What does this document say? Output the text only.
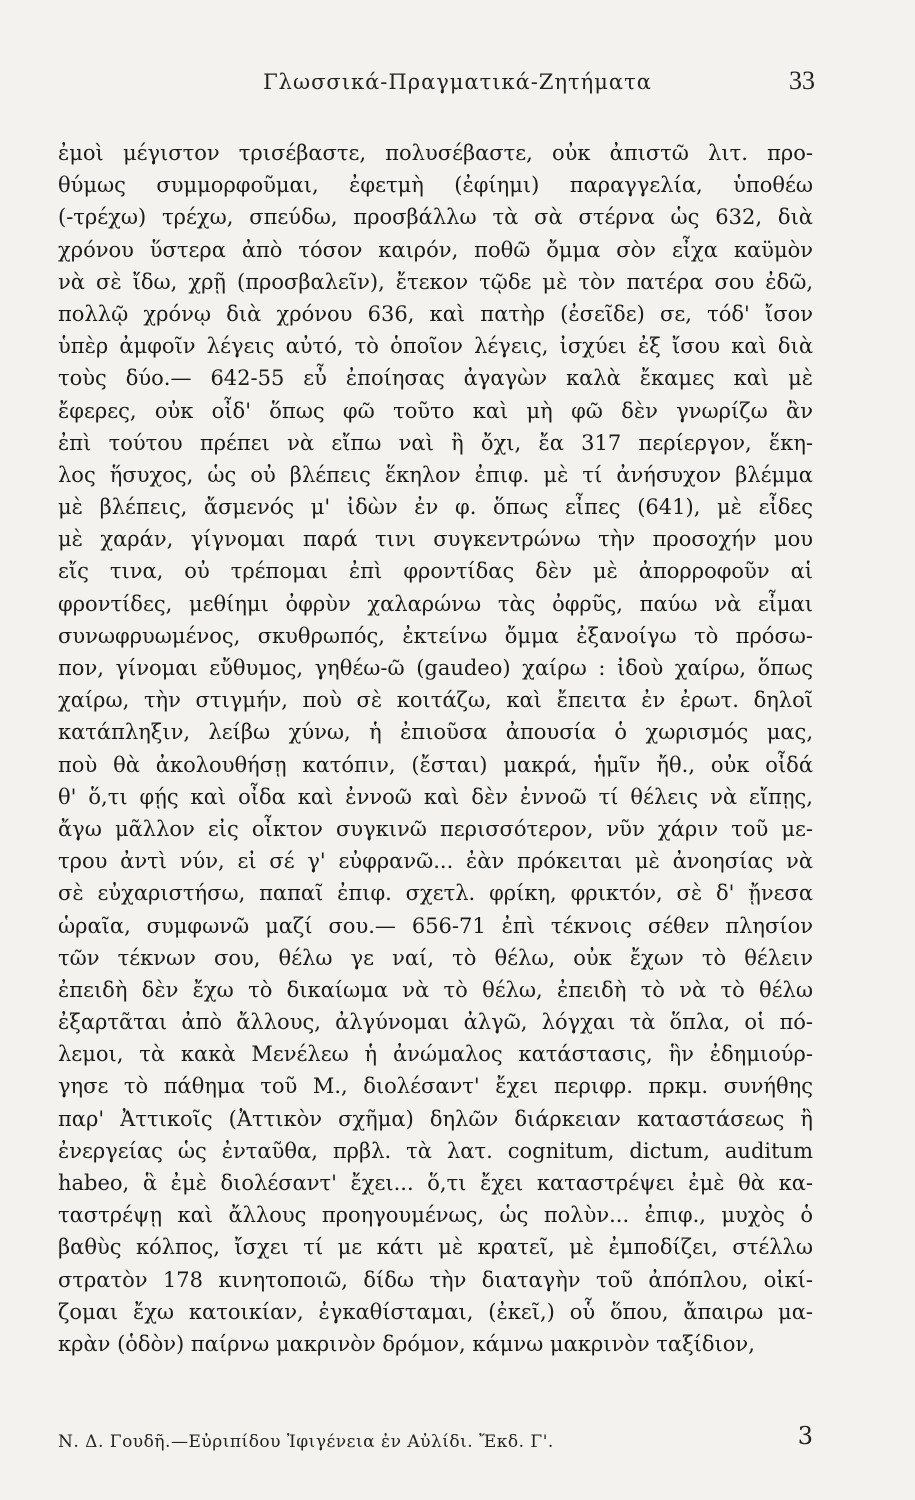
Γλωσσικά-Πραγματικά-Ζητήματα	33
ἐμοὶ μέγιστον τρισέβαστε, πολυσέβαστε, οὐκ ἀπιστῶ λιτ. προ-
θύμως συμμορφοῦμαι, ἐφετμὴ (ἐφίημι) παραγγελία, ὑποθέω
(-τρέχω) τρέχω, σπεύδω, προσβάλλω τὰ σὰ στέρνα ὡς 632, διὰ
χρόνου ὕστερα ἀπὸ τόσον καιρόν, ποθῶ ὄμμα σὸν εἶχα καϋμὸν
νὰ σὲ ἴδω, χρῇ (προσβαλεῖν), ἔτεκον τῷδε μὲ τὸν πατέρα σου ἐδῶ,
πολλῷ χρόνῳ διὰ χρόνου 636, καὶ πατὴρ (ἐσεῖδε) σε, τόδ' ἴσον
ὑπὲρ ἀμφοῖν λέγεις αὐτό, τὸ ὁποῖον λέγεις, ἰσχύει ἐξ ἴσου καὶ διὰ
τοὺς δύο.— 642-55 εὖ ἐποίησας ἀγαγὼν καλὰ ἔκαμες καὶ μὲ
ἔφερες, οὐκ οἶδ' ὅπως φῶ τοῦτο καὶ μὴ φῶ δὲν γνωρίζω ἂν
ἐπὶ τούτου πρέπει νὰ εἴπω ναὶ ἢ ὄχι, ἔα 317 περίεργον, ἕκη-
λος ἥσυχος, ὡς οὐ βλέπεις ἕκηλον ἐπιφ. μὲ τί ἀνήσυχον βλέμμα
μὲ βλέπεις, ἄσμενός μ' ἰδὼν ἐν φ. ὅπως εἶπες (641), μὲ εἶδες
μὲ χαράν, γίγνομαι παρά τινι συγκεντρώνω τὴν προσοχήν μου
εἴς τινα, οὐ τρέπομαι ἐπὶ φροντίδας δὲν μὲ ἀπορροφοῦν αἱ
φροντίδες, μεθίημι ὀφρὺν χαλαρώνω τὰς ὀφρῦς, παύω νὰ εἶμαι
συνωφρυωμένος, σκυθρωπός, ἐκτείνω ὄμμα ἐξανοίγω τὸ πρόσω-
πον, γίνομαι εὔθυμος, γηθέω-ῶ (gaudeo) χαίρω : ἰδοὺ χαίρω, ὅπως
χαίρω, τὴν στιγμήν, ποὺ σὲ κοιτάζω, καὶ ἔπειτα ἐν ἐρωτ. δηλοῖ
κατάπληξιν, λείβω χύνω, ἡ ἐπιοῦσα ἀπουσία ὁ χωρισμός μας,
ποὺ θὰ ἀκολουθήσῃ κατόπιν, (ἔσται) μακρά, ἡμῖν ἤθ., οὐκ οἶδά
θ' ὅ,τι φῄς καὶ οἶδα καὶ ἐννοῶ καὶ δὲν ἐννοῶ τί θέλεις νὰ εἴπῃς,
ἄγω μᾶλλον εἰς οἶκτον συγκινῶ περισσότερον, νῦν χάριν τοῦ με-
τρου ἀντὶ νύν, εἰ σέ γ' εὐφρανῶ... ἐὰν πρόκειται μὲ ἀνοησίας νὰ
σὲ εὐχαριστήσω, παπαῖ ἐπιφ. σχετλ. φρίκη, φρικτόν, σὲ δ' ᾔνεσα
ὡραῖα, συμφωνῶ μαζί σου.— 656-71 ἐπὶ τέκνοις σέθεν πλησίον
τῶν τέκνων σου, θέλω γε ναί, τὸ θέλω, οὐκ ἔχων τὸ θέλειν
ἐπειδὴ δὲν ἔχω τὸ δικαίωμα νὰ τὸ θέλω, ἐπειδὴ τὸ νὰ τὸ θέλω
ἐξαρτᾶται ἀπὸ ἄλλους, ἀλγύνομαι ἀλγῶ, λόγχαι τὰ ὅπλα, οἱ πό-
λεμοι, τὰ κακὰ Μενέλεω ἡ ἀνώμαλος κατάστασις, ἣν ἐδημιούρ-
γησε τὸ πάθημα τοῦ Μ., διολέσαντ' ἔχει περιφρ. πρκμ. συνήθης
παρ' Ἀττικοῖς (Ἀττικὸν σχῆμα) δηλῶν διάρκειαν καταστάσεως ἢ
ἐνεργείας ὡς ἐνταῦθα, πρβλ. τὰ λατ. cognitum, dictum, auditum
habeo, ἃ ἐμὲ διολέσαντ' ἔχει... ὅ,τι ἔχει καταστρέψει ἐμὲ θὰ κα-
ταστρέψῃ καὶ ἄλλους προηγουμένως, ὡς πολὺν... ἐπιφ., μυχὸς ὁ
βαθὺς κόλπος, ἴσχει τί με κάτι μὲ κρατεῖ, μὲ ἐμποδίζει, στέλλω
στρατὸν 178 κινητοποιῶ, δίδω τὴν διαταγὴν τοῦ ἀπόπλου, οἰκί-
ζομαι ἔχω κατοικίαν, ἐγκαθίσταμαι, (ἐκεῖ,) οὗ ὅπου, ἄπαιρω μα-
κρὰν (ὁδὸν) παίρνω μακρινὸν δρόμον, κάμνω μακρινὸν ταξίδιον,
Ν. Δ. Γουδῆ.—Εὐριπίδου Ἰφιγένεια ἐν Αὐλίδι. Ἔκδ. Γ'.	3
